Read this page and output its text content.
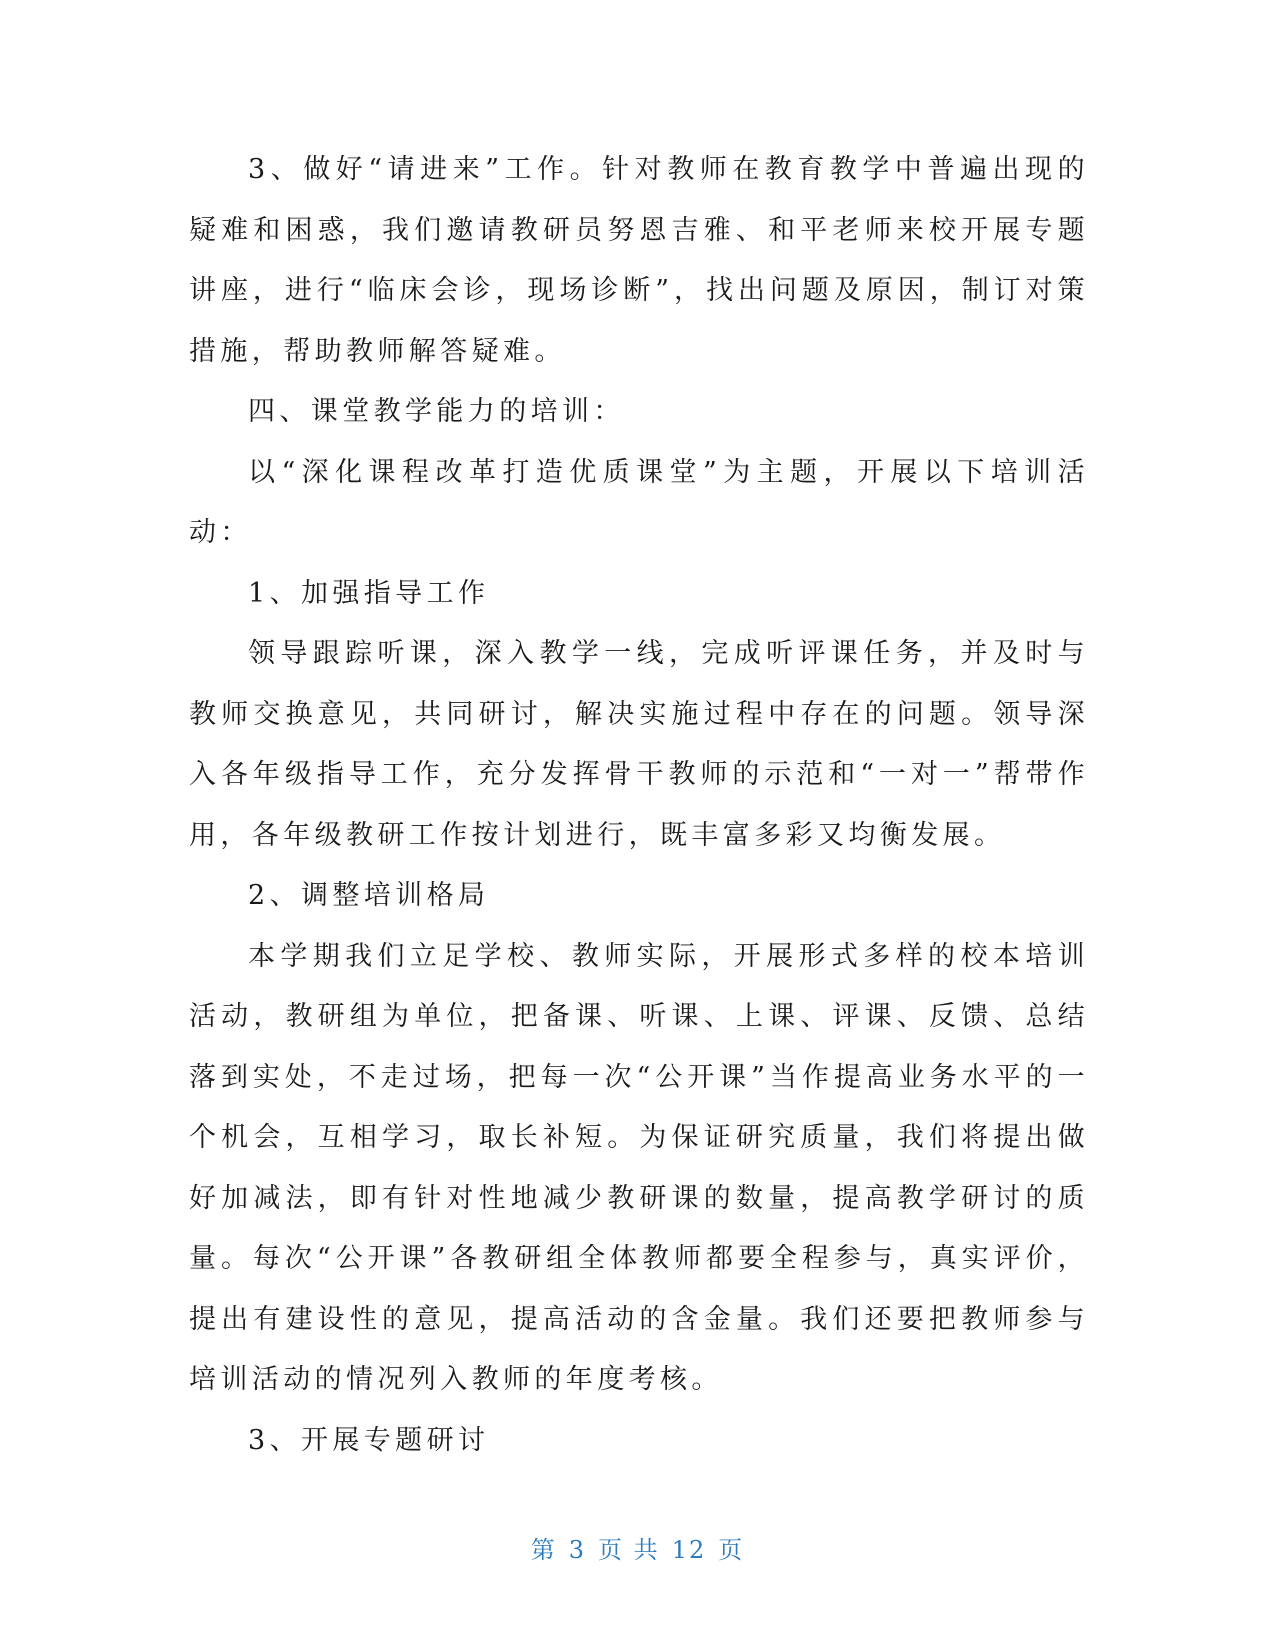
3、做好“请进来”工作。针对教师在教育教学中普遍出现的疑难和困惑，我们邀请教研员努恩吉雅、和平老师来校开展专题讲座，进行“临床会诊，现场诊断”，找出问题及原因，制订对策措施，帮助教师解答疑难。

四、课堂教学能力的培训：

以“深化课程改革打造优质课堂”为主题，开展以下培训活动：

1、加强指导工作

领导跟踪听课，深入教学一线，完成听评课任务，并及时与教师交换意见，共同研讨，解决实施过程中存在的问题。领导深入各年级指导工作，充分发挥骨干教师的示范和“一对一”帮带作用，各年级教研工作按计划进行，既丰富多彩又均衡发展。

2、调整培训格局

本学期我们立足学校、教师实际，开展形式多样的校本培训活动，教研组为单位，把备课、听课、上课、评课、反馈、总结落到实处，不走过场，把每一次“公开课”当作提高业务水平的一个机会，互相学习，取长补短。为保证研究质量，我们将提出做好加减法，即有针对性地减少教研课的数量，提高教学研讨的质量。每次“公开课”各教研组全体教师都要全程参与，真实评价，提出有建设性的意见，提高活动的含金量。我们还要把教师参与培训活动的情况列入教师的年度考核。

3、开展专题研讨

第 3 页 共 12 页
